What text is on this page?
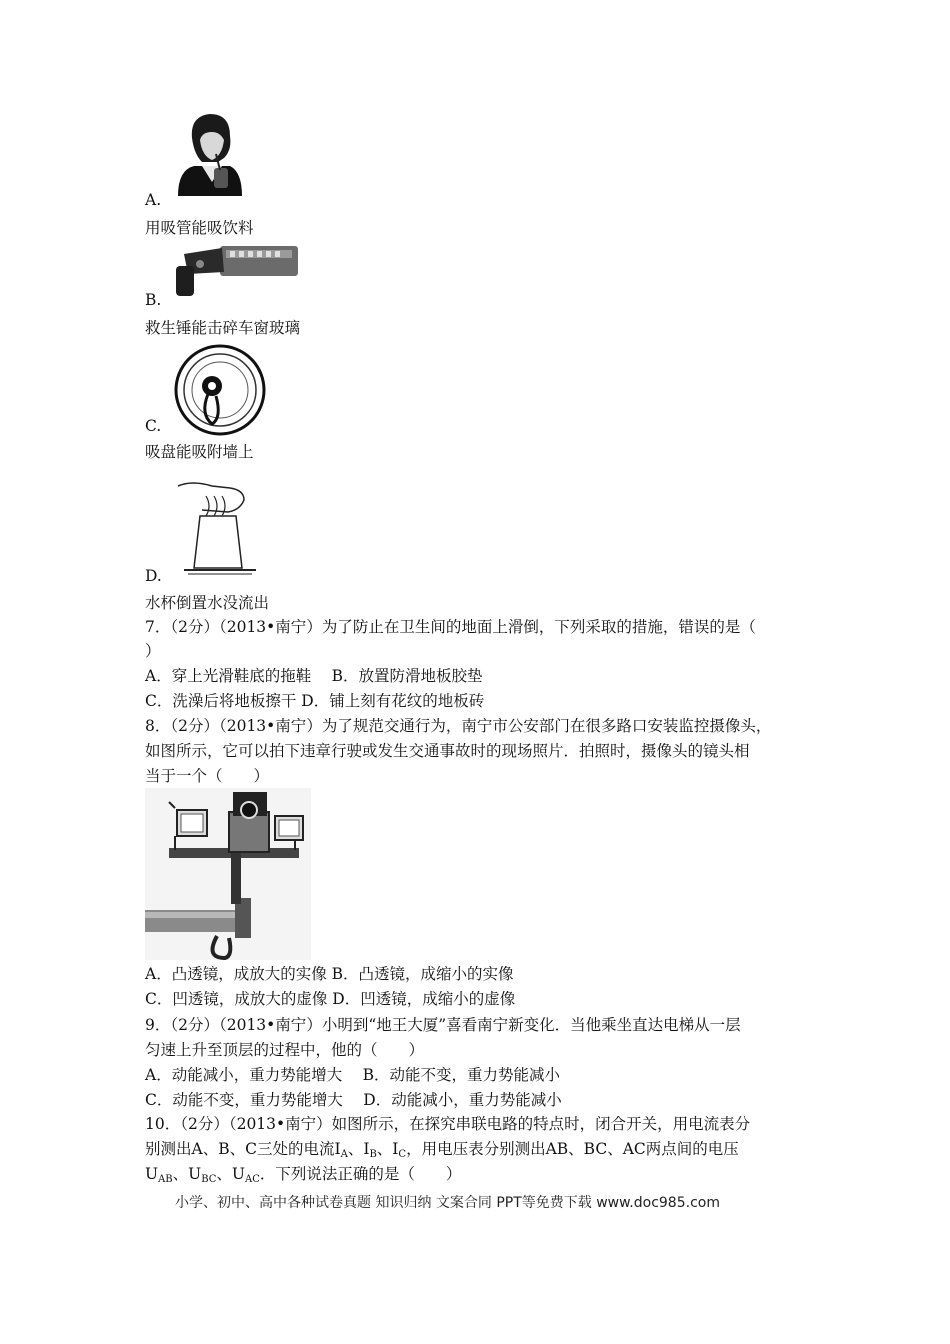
A.
用吸管能吸饮料
B.
救生锤能击碎车窗玻璃
C.
吸盘能吸附墙上
D.
水杯倒置水没流出
7．（2分）（2013•南宁）为了防止在卫生间的地面上滑倒，下列采取的措施，错误的是（
）
A．穿上光滑鞋底的拖鞋　 B．放置防滑地板胶垫
C．洗澡后将地板擦干 D．铺上刻有花纹的地板砖
8．（2分）（2013•南宁）为了规范交通行为，南宁市公安部门在很多路口安装监控摄像头，
如图所示，它可以拍下违章行驶或发生交通事故时的现场照片．拍照时，摄像头的镜头相
当于一个（　　）
A．凸透镜，成放大的实像 B．凸透镜，成缩小的实像
C．凹透镜，成放大的虚像 D．凹透镜，成缩小的虚像
9．（2分）（2013•南宁）小明到“地王大厦”喜看南宁新变化．当他乘坐直达电梯从一层
匀速上升至顶层的过程中，他的（　　）
A．动能减小，重力势能增大　 B．动能不变，重力势能减小
C．动能不变，重力势能增大　 D．动能减小，重力势能减小
10．（2分）（2013•南宁）如图所示，在探究串联电路的特点时，闭合开关，用电流表分
别测出A、B、C三处的电流$I_A$、$I_B$、$I_C$，用电压表分别测出AB、BC、AC两点间的电压
$U_{AB}$、$U_{BC}$、$U_{AC}$．下列说法正确的是（　　）
小学、初中、高中各种试卷真题 知识归纳 文案合同 PPT等免费下载 www.doc985.com
